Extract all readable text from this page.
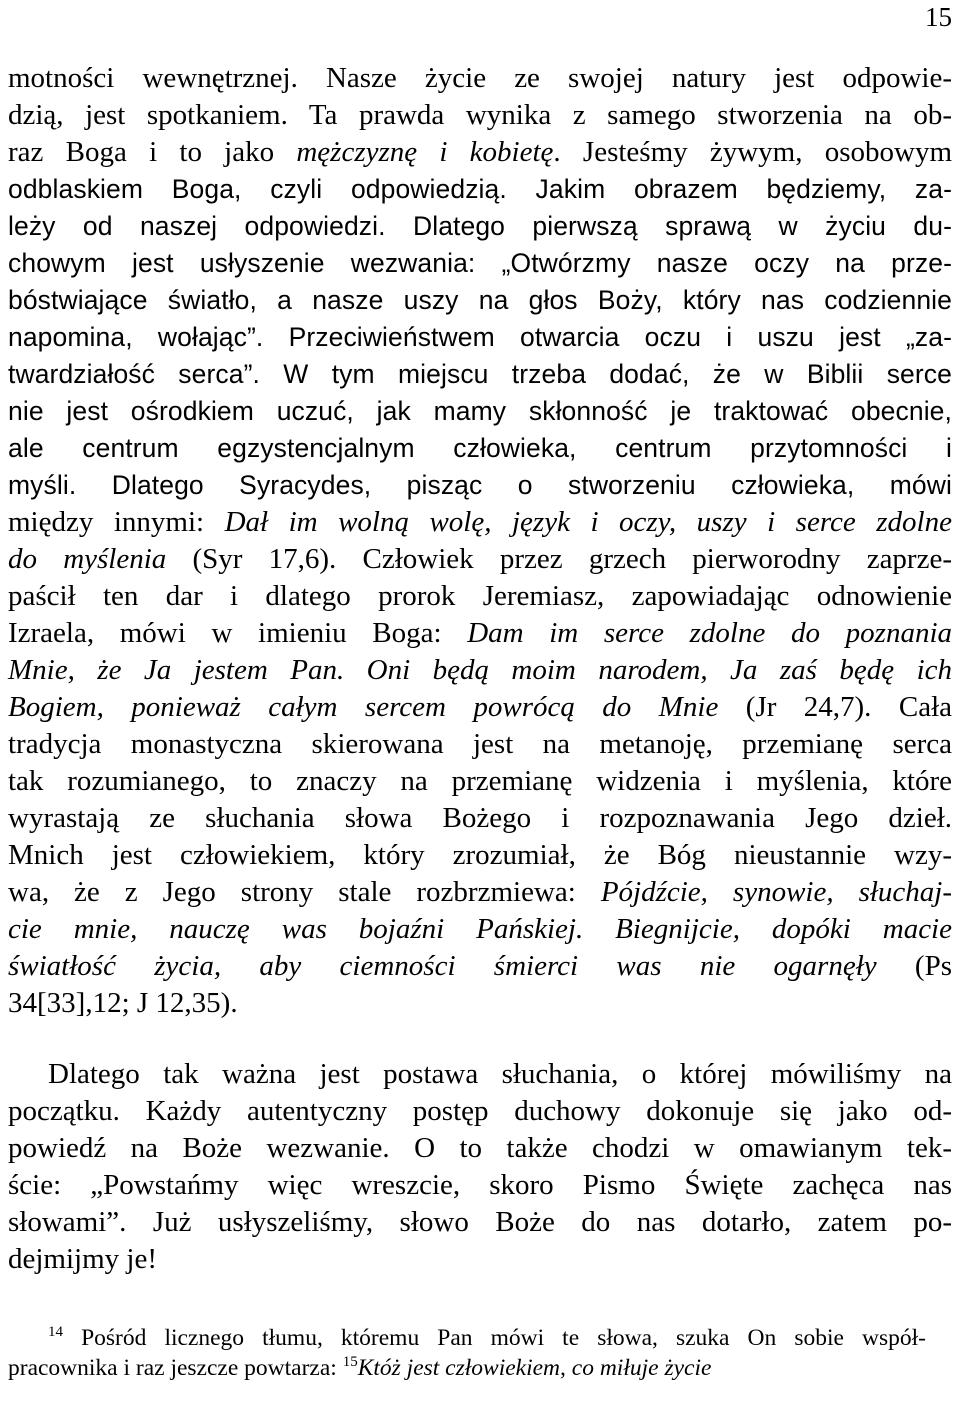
15
motności wewnętrznej. Nasze życie ze swojej natury jest odpowie-
dzią, jest spotkaniem. Ta prawda wynika z samego stworzenia na ob-
raz Boga i to jako mężczyznę i kobietę. Jesteśmy żywym, osobowym
odblaskiem Boga, czyli odpowiedzią. Jakim obrazem będziemy, za-
leży od naszej odpowiedzi. Dlatego pierwszą sprawą w życiu du-
chowym jest usłyszenie wezwania: „Otwórzmy nasze oczy na prze-
bóstwiające światło, a nasze uszy na głos Boży, który nas codziennie
napomina, wołając”. Przeciwieństwem otwarcia oczu i uszu jest „za-
twardziałość serca”. W tym miejscu trzeba dodać, że w Biblii serce
nie jest ośrodkiem uczuć, jak mamy skłonność je traktować obecnie,
ale centrum egzystencjalnym człowieka, centrum przytomności i
myśli. Dlatego Syracydes, pisząc o stworzeniu człowieka, mówi
między innymi: Dał im wolną wolę, język i oczy, uszy i serce zdolne
do myślenia (Syr 17,6). Człowiek przez grzech pierworodny zaprze-
paścił ten dar i dlatego prorok Jeremiasz, zapowiadając odnowienie
Izraela, mówi w imieniu Boga: Dam im serce zdolne do poznania
Mnie, że Ja jestem Pan. Oni będą moim narodem, Ja zaś będę ich
Bogiem, ponieważ całym sercem powrócą do Mnie (Jr 24,7). Cała
tradycja monastyczna skierowana jest na metanoję, przemianę serca
tak rozumianego, to znaczy na przemianę widzenia i myślenia, które
wyrastają ze słuchania słowa Bożego i rozpoznawania Jego dzieł.
Mnich jest człowiekiem, który zrozumiał, że Bóg nieustannie wzy-
wa, że z Jego strony stale rozbrzmiewa: Pójdźcie, synowie, słuchaj-
cie mnie, nauczę was bojaźni Pańskiej. Biegnijcie, dopóki macie
światłość życia, aby ciemności śmierci was nie ogarnęły (Ps
34[33],12; J 12,35).
Dlatego tak ważna jest postawa słuchania, o której mówiliśmy na
początku. Każdy autentyczny postęp duchowy dokonuje się jako od-
powiedź na Boże wezwanie. O to także chodzi w omawianym tek-
ście: „Powstańmy więc wreszcie, skoro Pismo Święte zachęca nas
słowami”. Już usłyszeliśmy, słowo Boże do nas dotarło, zatem po-
dejmijmy je!
$^{14}$ Pośród licznego tłumu, któremu Pan mówi te słowa, szuka On sobie współ-
pracownika i raz jeszcze powtarza: $^{15}$Któż jest człowiekiem, co miłuje życie
